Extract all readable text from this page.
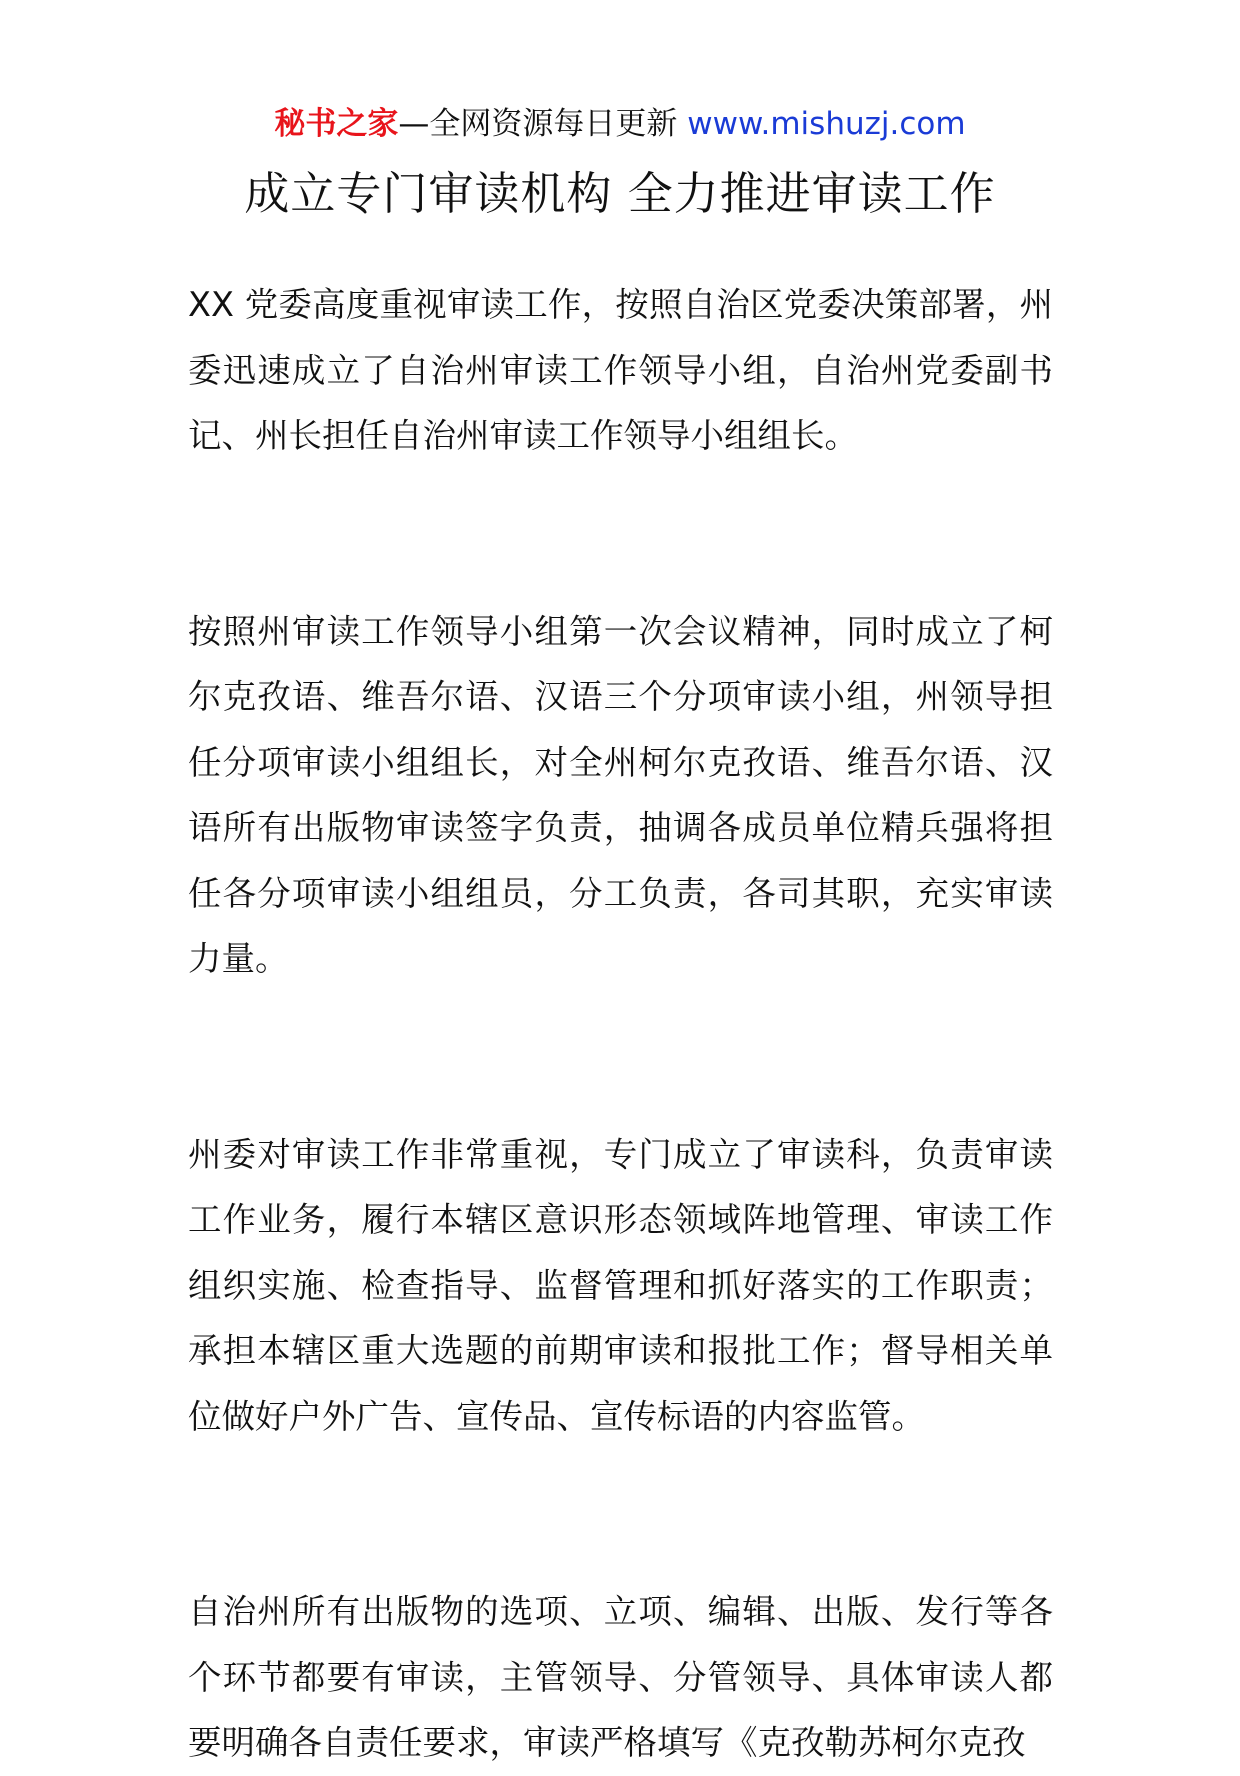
秘书之家—全网资源每日更新 www.mishuzj.com
成立专门审读机构 全力推进审读工作

XX 党委高度重视审读工作，按照自治区党委决策部署，州委迅速成立了自治州审读工作领导小组，自治州党委副书记、州长担任自治州审读工作领导小组组长。

按照州审读工作领导小组第一次会议精神，同时成立了柯尔克孜语、维吾尔语、汉语三个分项审读小组，州领导担任分项审读小组组长，对全州柯尔克孜语、维吾尔语、汉语所有出版物审读签字负责，抽调各成员单位精兵强将担任各分项审读小组组员，分工负责，各司其职，充实审读力量。

州委对审读工作非常重视，专门成立了审读科，负责审读工作业务，履行本辖区意识形态领域阵地管理、审读工作组织实施、检查指导、监督管理和抓好落实的工作职责；承担本辖区重大选题的前期审读和报批工作；督导相关单位做好户外广告、宣传品、宣传标语的内容监管。

自治州所有出版物的选项、立项、编辑、出版、发行等各个环节都要有审读，主管领导、分管领导、具体审读人都要明确各自责任要求，审读严格填写《克孜勒苏柯尔克孜
